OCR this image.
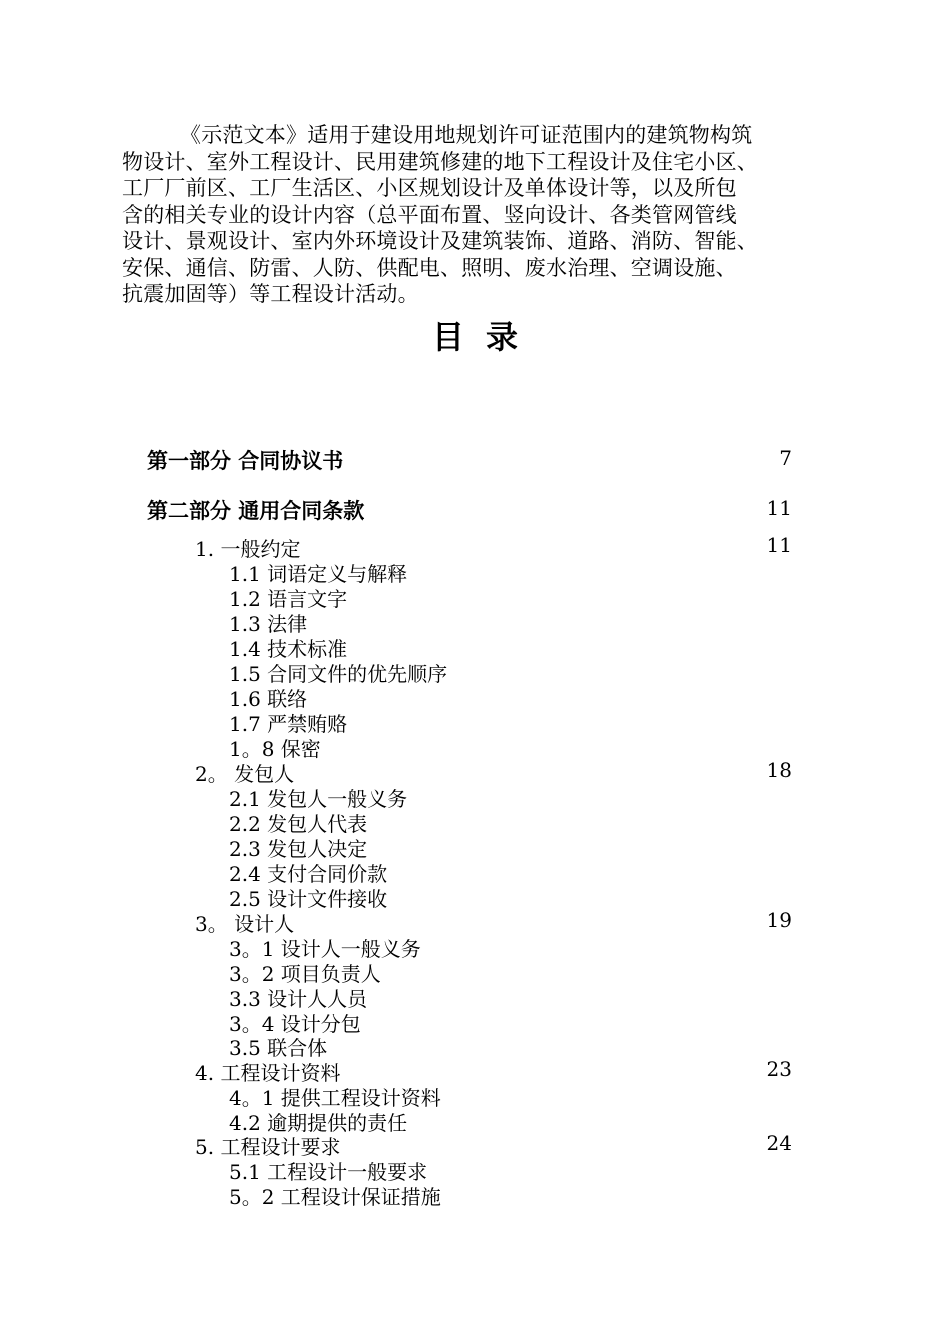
《示范文本》适用于建设用地规划许可证范围内的建筑物构筑
物设计、室外工程设计、民用建筑修建的地下工程设计及住宅小区、
工厂厂前区、工厂生活区、小区规划设计及单体设计等，以及所包
含的相关专业的设计内容（总平面布置、竖向设计、各类管网管线
设计、景观设计、室内外环境设计及建筑装饰、道路、消防、智能、
安保、通信、防雷、人防、供配电、照明、废水治理、空调设施、
抗震加固等）等工程设计活动。
目录
第一部分 合同协议书	7
第二部分 通用合同条款	11
1. 一般约定	11
1.1 词语定义与解释
1.2 语言文字
1.3 法律
1.4 技术标准
1.5 合同文件的优先顺序
1.6 联络
1.7 严禁贿赂
1。8 保密
2。 发包人	18
2.1 发包人一般义务
2.2 发包人代表
2.3 发包人决定
2.4 支付合同价款
2.5 设计文件接收
3。 设计人	19
3。1 设计人一般义务
3。2 项目负责人
3.3 设计人人员
3。4 设计分包
3.5 联合体
4. 工程设计资料	23
4。1 提供工程设计资料
4.2 逾期提供的责任
5. 工程设计要求	24
5.1 工程设计一般要求
5。2 工程设计保证措施
